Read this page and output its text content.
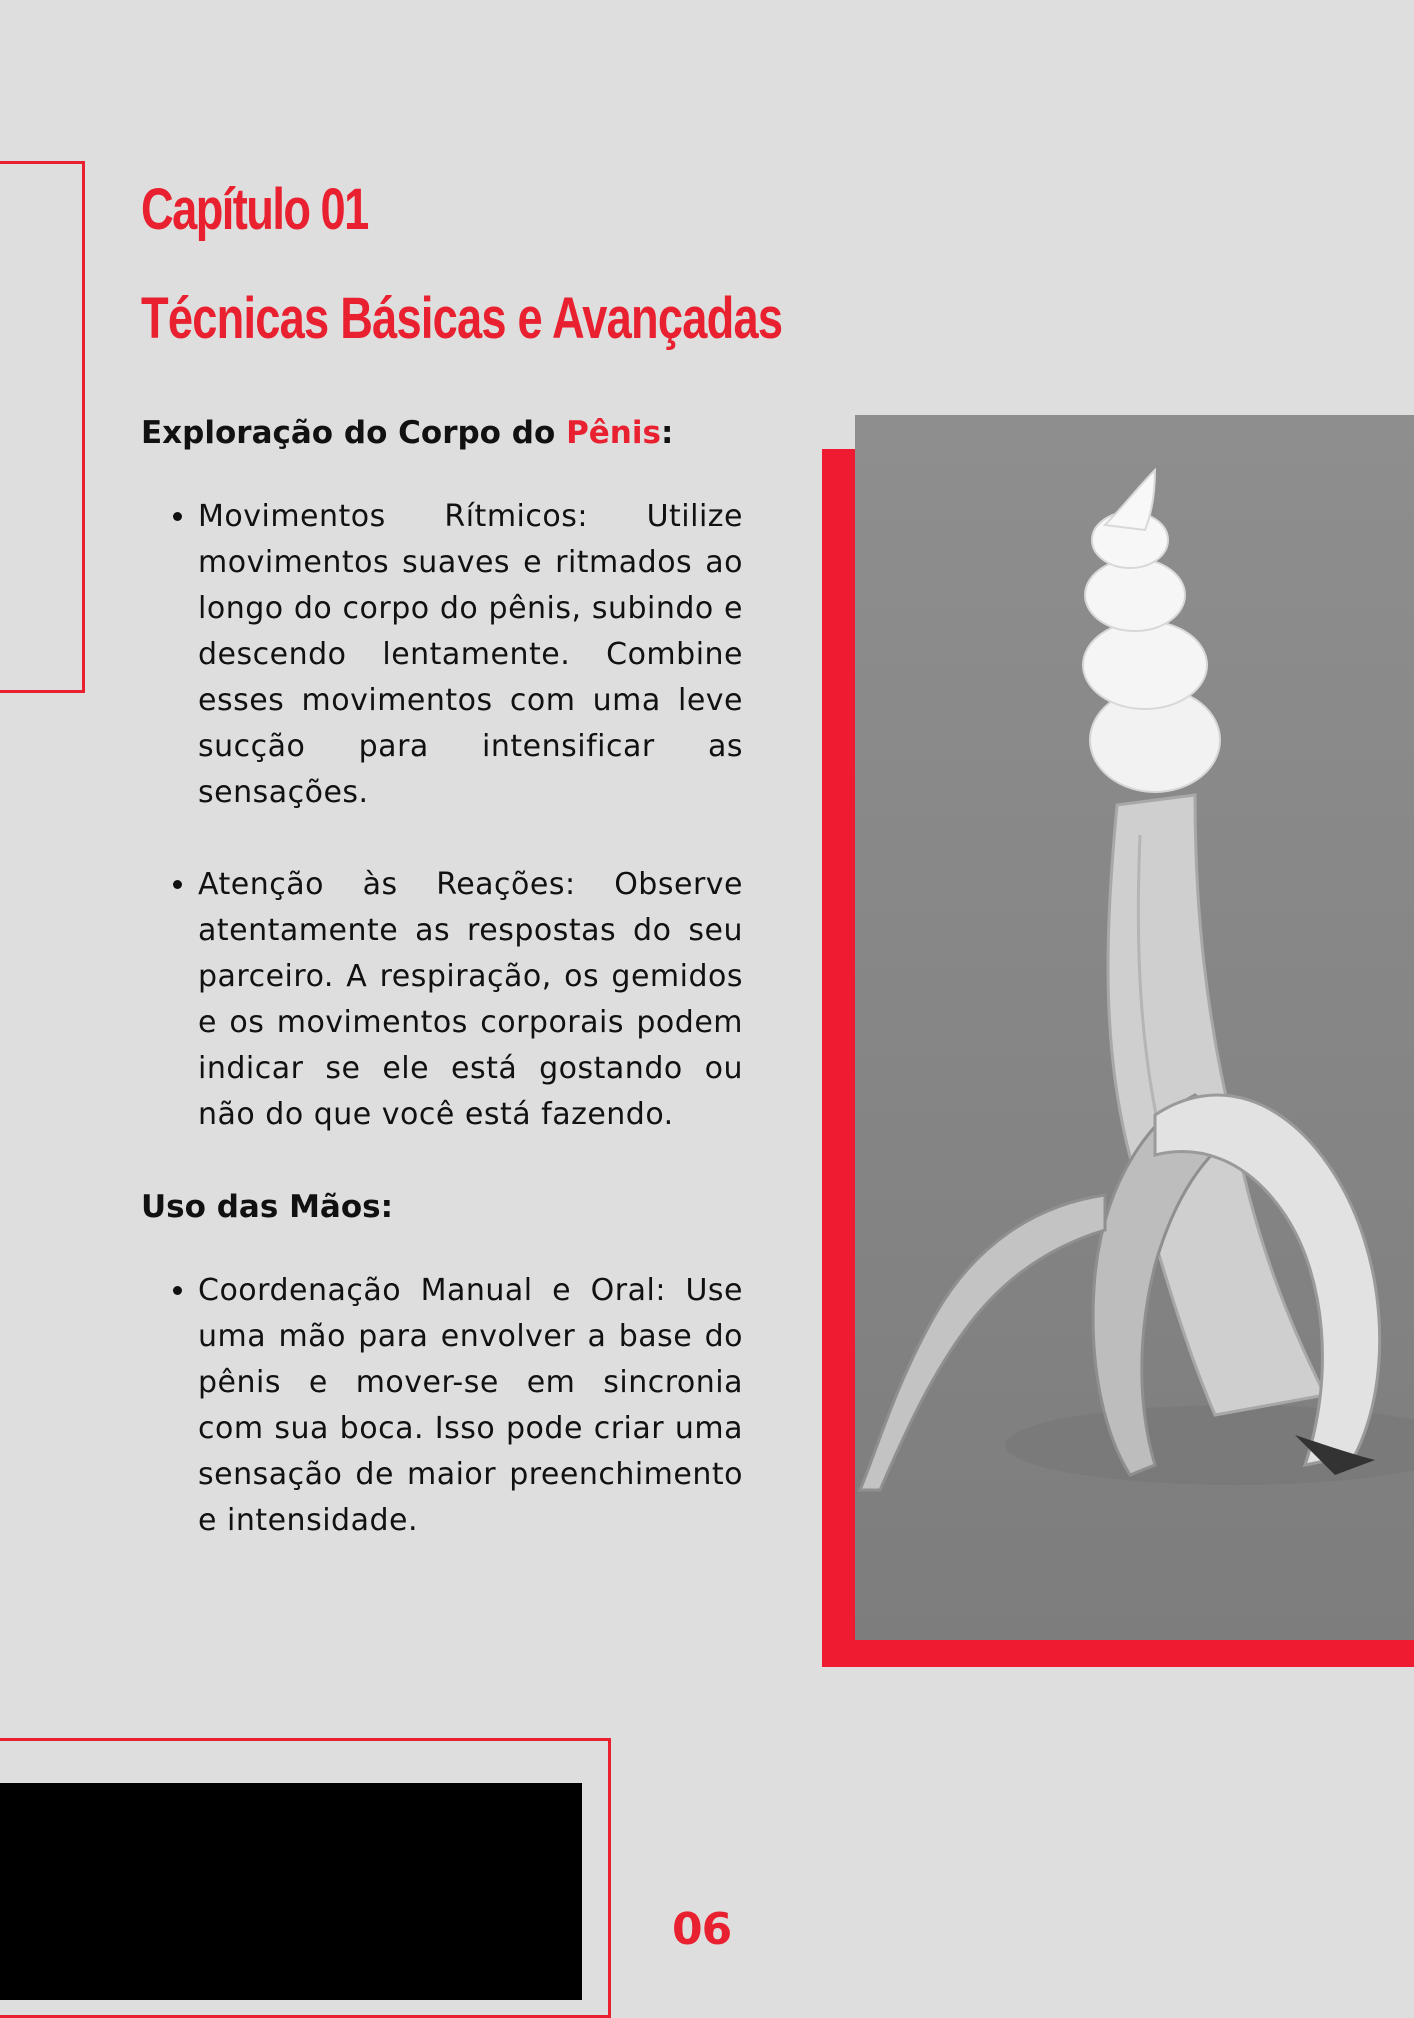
Capítulo 01
Técnicas Básicas e Avançadas

Exploração do Corpo do Pênis:

• Movimentos Rítmicos: Utilize movimentos suaves e ritmados ao longo do corpo do pênis, subindo e descendo lentamente. Combine esses movimentos com uma leve sucção para intensificar as sensações.
• Atenção às Reações: Observe atentamente as respostas do seu parceiro. A respiração, os gemidos e os movimentos corporais podem indicar se ele está gostando ou não do que você está fazendo.

Uso das Mãos:

• Coordenação Manual e Oral: Use uma mão para envolver a base do pênis e mover-se em sincronia com sua boca. Isso pode criar uma sensação de maior preenchimento e intensidade.
06
